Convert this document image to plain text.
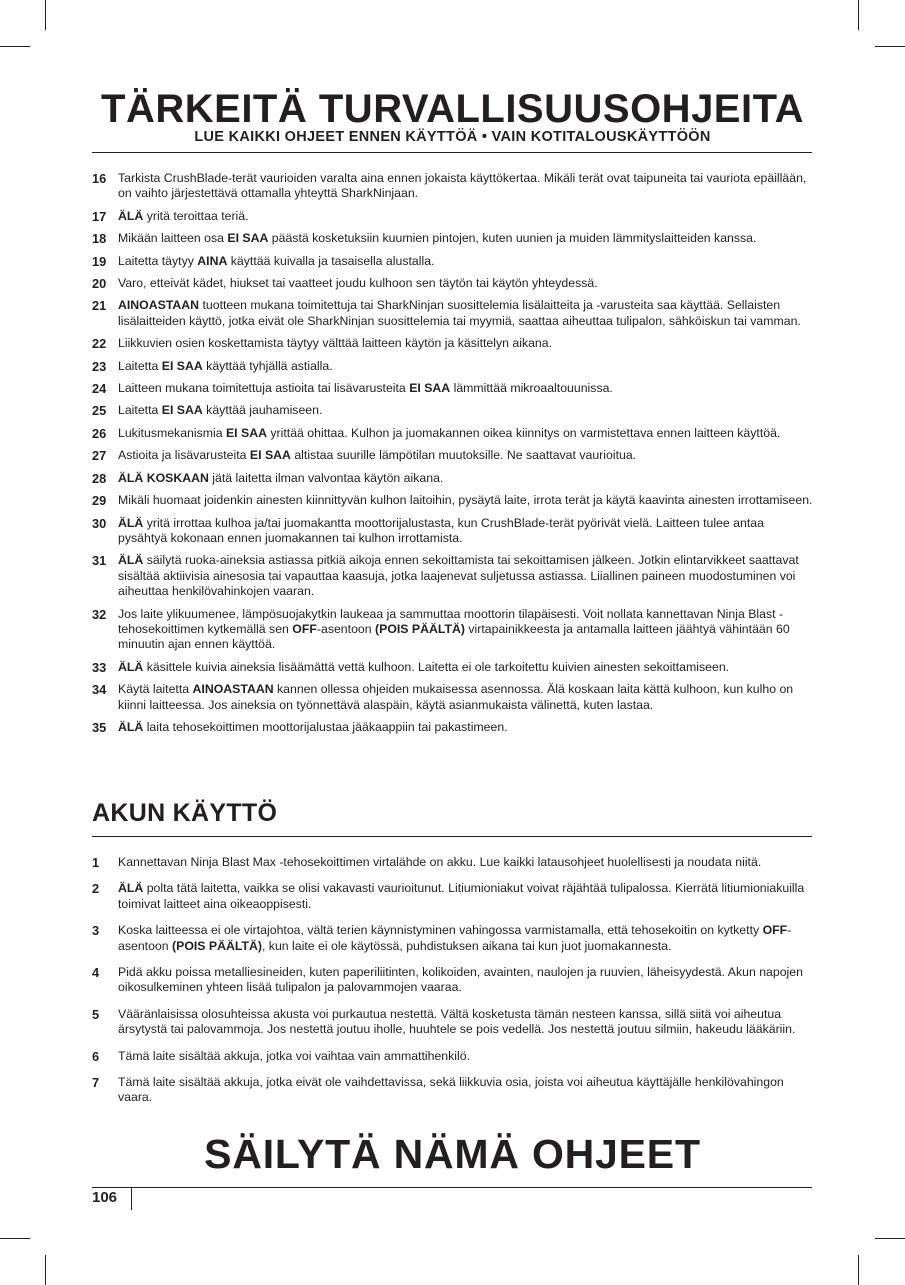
TÄRKEITÄ TURVALLISUUSOHJEITA
LUE KAIKKI OHJEET ENNEN KÄYTTÖÄ • VAIN KOTITALOUSKÄYTTÖÖN
16 Tarkista CrushBlade-terät vaurioiden varalta aina ennen jokaista käyttökertaa. Mikäli terät ovat taipuneita tai vauriota epäillään, on vaihto järjestettävä ottamalla yhteyttä SharkNinjaan.
17 ÄLÄ yritä teroittaa teriä.
18 Mikään laitteen osa EI SAA päästä kosketuksiin kuumien pintojen, kuten uunien ja muiden lämmityslaitteiden kanssa.
19 Laitetta täytyy AINA käyttää kuivalla ja tasaisella alustalla.
20 Varo, etteivät kädet, hiukset tai vaatteet joudu kulhoon sen täytön tai käytön yhteydessä.
21 AINOASTAAN tuotteen mukana toimitettuja tai SharkNinjan suosittelemia lisälaitteita ja -varusteita saa käyttää. Sellaisten lisälaitteiden käyttö, jotka eivät ole SharkNinjan suosittelemia tai myymiä, saattaa aiheuttaa tulipalon, sähköiskun tai vamman.
22 Liikkuvien osien koskettamista täytyy välttää laitteen käytön ja käsittelyn aikana.
23 Laitetta EI SAA käyttää tyhjällä astialla.
24 Laitteen mukana toimitettuja astioita tai lisävarusteita EI SAA lämmittää mikroaaltouunissa.
25 Laitetta EI SAA käyttää jauhamiseen.
26 Lukitusmekanismia EI SAA yrittää ohittaa. Kulhon ja juomakannen oikea kiinnitys on varmistettava ennen laitteen käyttöä.
27 Astioita ja lisävarusteita EI SAA altistaa suurille lämpötilan muutoksille. Ne saattavat vaurioitua.
28 ÄLÄ KOSKAAN jätä laitetta ilman valvontaa käytön aikana.
29 Mikäli huomaat joidenkin ainesten kiinnittyvän kulhon laitoihin, pysäytä laite, irrota terät ja käytä kaavinta ainesten irrottamiseen.
30 ÄLÄ yritä irrottaa kulhoa ja/tai juomakantta moottorijalustasta, kun CrushBlade-terät pyörivät vielä. Laitteen tulee antaa pysähtyä kokonaan ennen juomakannen tai kulhon irrottamista.
31 ÄLÄ säilytä ruoka-aineksia astiassa pitkiä aikoja ennen sekoittamista tai sekoittamisen jälkeen. Jotkin elintarvikkeet saattavat sisältää aktiivisia ainesosia tai vapauttaa kaasuja, jotka laajenevat suljetussa astiassa. Liiallinen paineen muodostuminen voi aiheuttaa henkilövahinkojen vaaran.
32 Jos laite ylikuumenee, lämpösuojakytkin laukeaa ja sammuttaa moottorin tilapäisesti. Voit nollata kannettavan Ninja Blast -tehosekoittimen kytkemällä sen OFF-asentoon (POIS PÄÄLTÄ) virtapainikkeesta ja antamalla laitteen jäähtyä vähintään 60 minuutin ajan ennen käyttöä.
33 ÄLÄ käsittele kuivia aineksia lisäämättä vettä kulhoon. Laitetta ei ole tarkoitettu kuivien ainesten sekoittamiseen.
34 Käytä laitetta AINOASTAAN kannen ollessa ohjeiden mukaisessa asennossa. Älä koskaan laita kättä kulhoon, kun kulho on kiinni laitteessa. Jos aineksia on työnnettävä alaspäin, käytä asianmukaista välinettä, kuten lastaa.
35 ÄLÄ laita tehosekoittimen moottorijalustaa jääkaappiin tai pakastimeen.
AKUN KÄYTTÖ
1 Kannettavan Ninja Blast Max -tehosekoittimen virtalähde on akku. Lue kaikki latausohjeet huolellisesti ja noudata niitä.
2 ÄLÄ polta tätä laitetta, vaikka se olisi vakavasti vaurioitunut. Litiumioniakut voivat räjähtää tulipalossa. Kierrätä litiumioniakuilla toimivat laitteet aina oikeaoppisesti.
3 Koska laitteessa ei ole virtajohtoa, vältä terien käynnistyminen vahingossa varmistamalla, että tehosekoitin on kytketty OFF-asentoon (POIS PÄÄLTÄ), kun laite ei ole käytössä, puhdistuksen aikana tai kun juot juomakannesta.
4 Pidä akku poissa metalliesineiden, kuten paperiliitinten, kolikoiden, avainten, naulojen ja ruuvien, läheisyydestä. Akun napojen oikosulkeminen yhteen lisää tulipalon ja palovammojen vaaraa.
5 Vääränlaisissa olosuhteissa akusta voi purkautua nestettä. Vältä kosketusta tämän nesteen kanssa, sillä siitä voi aiheutua ärsytystä tai palovammoja. Jos nestettä joutuu iholle, huuhtele se pois vedellä. Jos nestettä joutuu silmiin, hakeudu lääkäriin.
6 Tämä laite sisältää akkuja, jotka voi vaihtaa vain ammattihenkilö.
7 Tämä laite sisältää akkuja, jotka eivät ole vaihdettavissa, sekä liikkuvia osia, joista voi aiheutua käyttäjälle henkilövahingon vaara.
SÄILYTÄ NÄMÄ OHJEET
106
